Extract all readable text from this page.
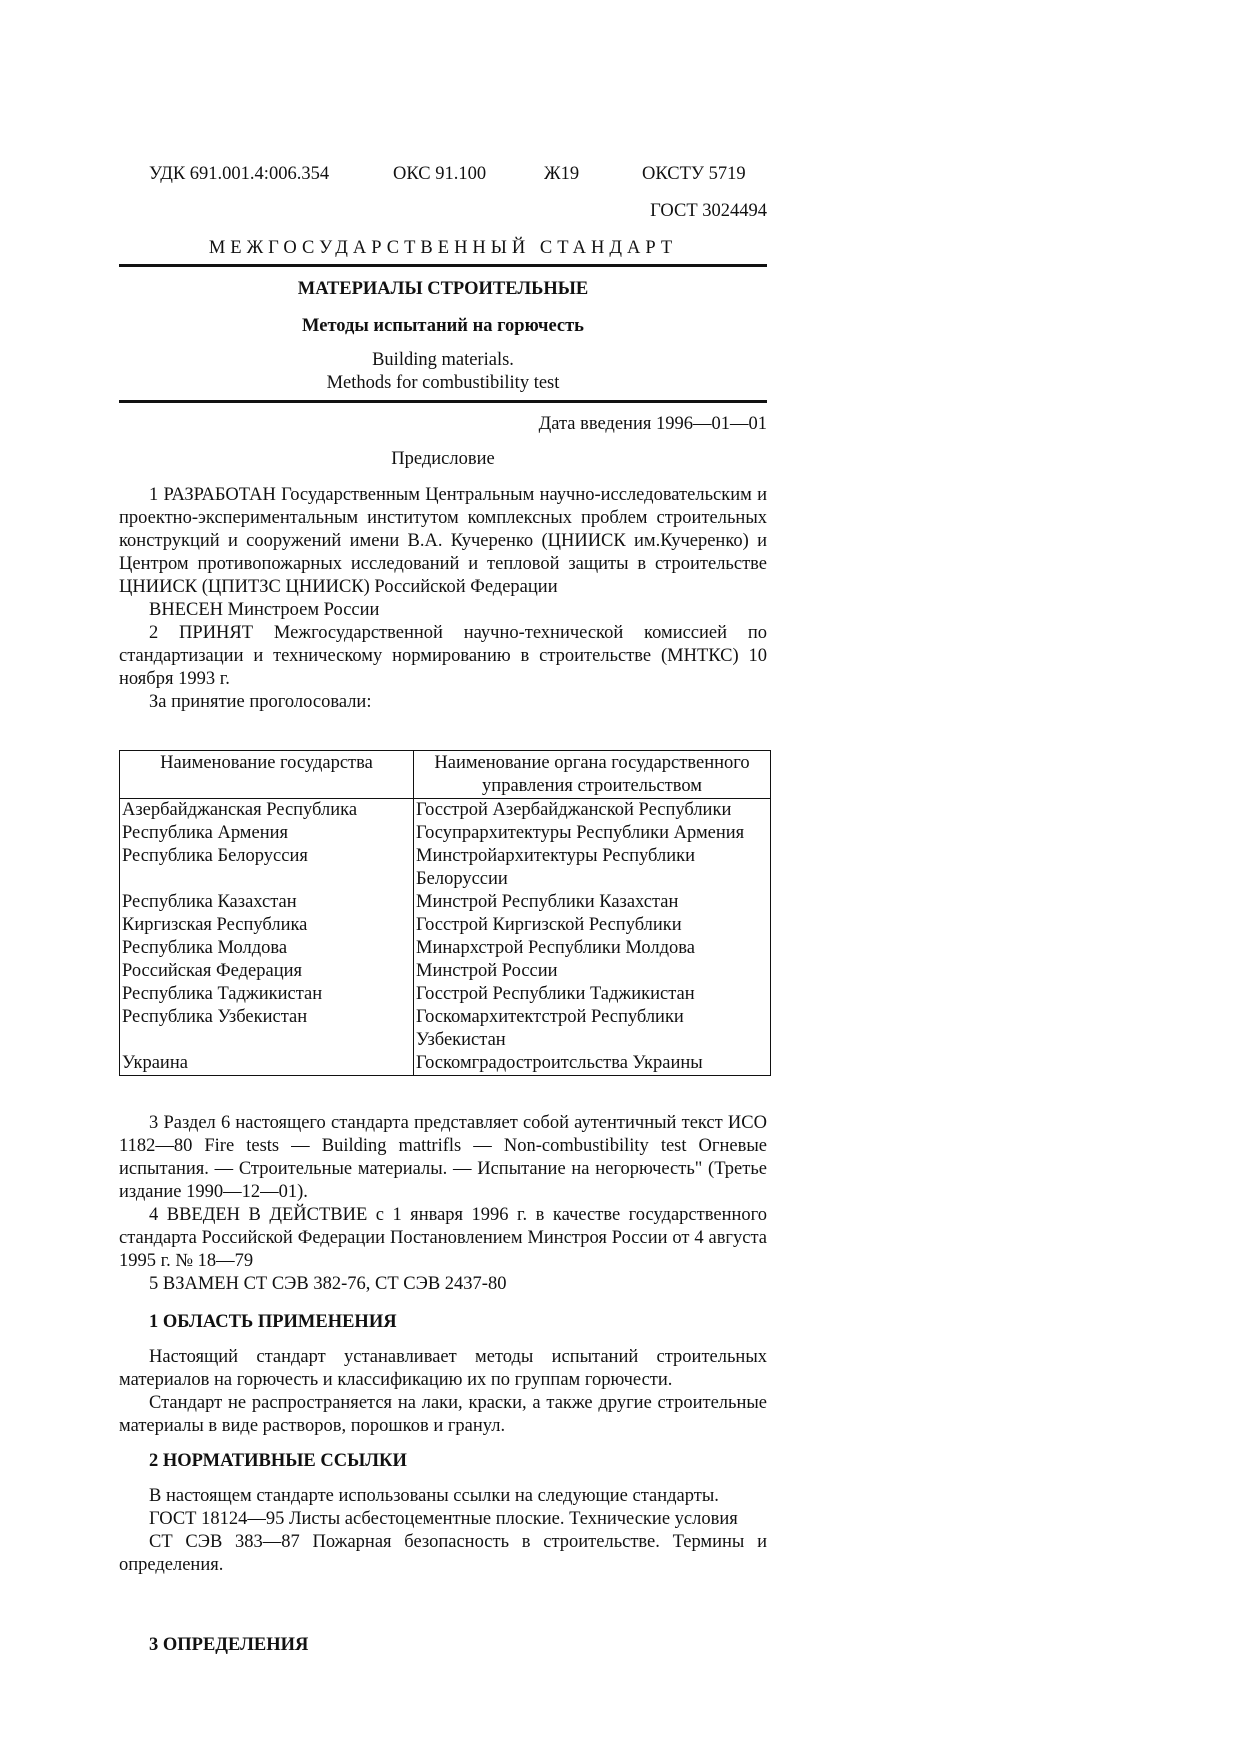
УДК 691.001.4:006.354	ОКС 91.100	Ж19	ОКСТУ 5719
ГОСТ 3024494
МЕЖГОСУДАРСТВЕННЫЙ СТАНДАРТ
МАТЕРИАЛЫ СТРОИТЕЛЬНЫЕ
Методы испытаний на горючесть
Building materials.
Methods for combustibility test
Дата введения 1996—01—01
Предисловие

1 РАЗРАБОТАН Государственным Центральным научно-исследовательским и проектно-экспериментальным институтом комплексных проблем строительных конструкций и сооружений имени В.А. Кучеренко (ЦНИИСК им.Кучеренко) и Центром противопожарных исследований и тепловой защиты в строительстве ЦНИИСК (ЦПИТЗС ЦНИИСК) Российской Федерации

ВНЕСЕН Минстроем России

2 ПРИНЯТ Межгосударственной научно-технической комиссией по стандартизации и техническому нормированию в строительстве (МНТКС) 10 ноября 1993 г.

За принятие проголосовали:

Наименование государства	Наименование органа государственного управления строительством
Азербайджанская Республика	Госстрой Азербайджанской Республики
Республика Армения	Госупрархитектуры Республики Армения
Республика Белоруссия	Минстройархитектуры Республики Белоруссии
Республика Казахстан	Минстрой Республики Казахстан
Киргизская Республика	Госстрой Киргизской Республики
Республика Молдова	Минархстрой Республики Молдова
Российская Федерация	Минстрой России
Республика Таджикистан	Госстрой Республики Таджикистан
Республика Узбекистан	Госкомархитектстрой Республики Узбекистан
Украина	Госкомградостроитсльства Украины

3 Раздел 6 настоящего стандарта представляет собой аутентичный текст ИСО 1182—80 Fire tests — Building mattrifls — Non-combustibility test Огневые испытания. — Строительные материалы. — Испытание на негорючесть" (Третье издание 1990—12—01).

4 ВВЕДЕН В ДЕЙСТВИЕ с 1 января 1996 г. в качестве государственного стандарта Российской Федерации Постановлением Минстроя России от 4 августа 1995 г. № 18—79

5 ВЗАМЕН СТ СЭВ 382-76, СТ СЭВ 2437-80

1 ОБЛАСТЬ ПРИМЕНЕНИЯ

Настоящий стандарт устанавливает методы испытаний строительных материалов на горючесть и классификацию их по группам горючести.

Стандарт не распространяется на лаки, краски, а также другие строительные материалы в виде растворов, порошков и гранул.

2 НОРМАТИВНЫЕ ССЫЛКИ

В настоящем стандарте использованы ссылки на следующие стандарты.

ГОСТ 18124—95 Листы асбестоцементные плоские. Технические условия

СТ СЭВ 383—87 Пожарная безопасность в строительстве. Термины и определения.

3 ОПРЕДЕЛЕНИЯ
